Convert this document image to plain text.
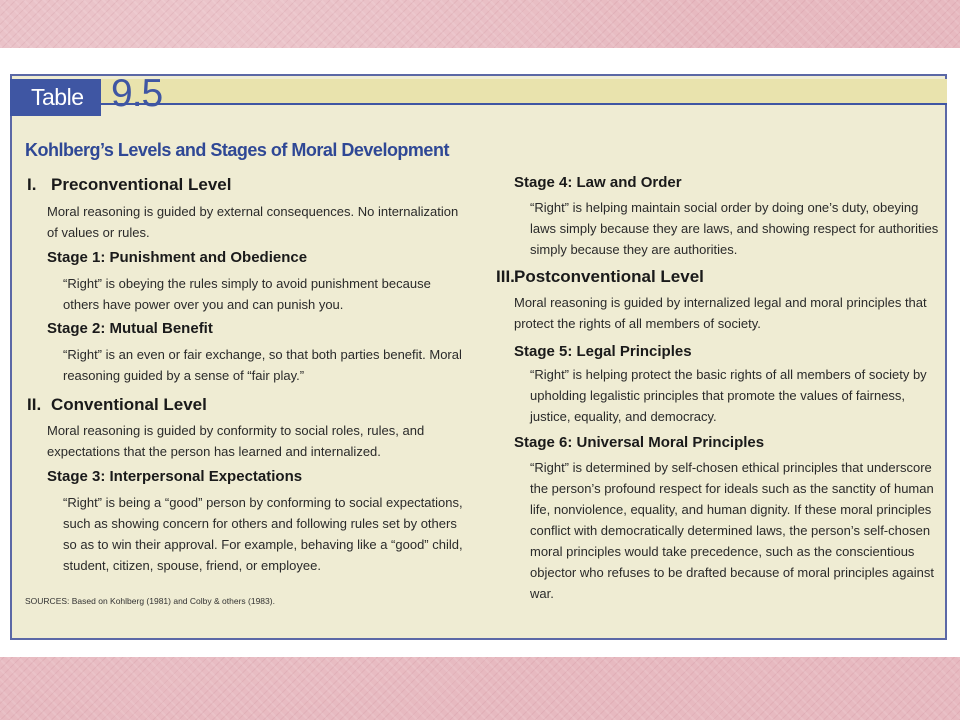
Table 9.5
Kohlberg’s Levels and Stages of Moral Development
I. Preconventional Level

Moral reasoning is guided by external consequences. No internalization of values or rules.

Stage 1: Punishment and Obedience

“Right” is obeying the rules simply to avoid punishment because others have power over you and can punish you.

Stage 2: Mutual Benefit

“Right” is an even or fair exchange, so that both parties benefit. Moral reasoning guided by a sense of “fair play.”

II. Conventional Level

Moral reasoning is guided by conformity to social roles, rules, and expectations that the person has learned and internalized.

Stage 3: Interpersonal Expectations

“Right” is being a “good” person by conforming to social expectations, such as showing concern for others and following rules set by others so as to win their approval. For example, behaving like a “good” child, student, citizen, spouse, friend, or employee.

SOURCES: Based on Kohlberg (1981) and Colby & others (1983).
Stage 4: Law and Order

“Right” is helping maintain social order by doing one’s duty, obeying laws simply because they are laws, and showing respect for authorities simply because they are authorities.

III.Postconventional Level

Moral reasoning is guided by internalized legal and moral principles that protect the rights of all members of society.

Stage 5: Legal Principles

“Right” is helping protect the basic rights of all members of society by upholding legalistic principles that promote the values of fairness, justice, equality, and democracy.

Stage 6: Universal Moral Principles

“Right” is determined by self-chosen ethical principles that underscore the person’s profound respect for ideals such as the sanctity of human life, nonviolence, equality, and human dignity. If these moral principles conflict with democratically determined laws, the person’s self-chosen moral principles would take precedence, such as the conscientious objector who refuses to be drafted because of moral principles against war.
